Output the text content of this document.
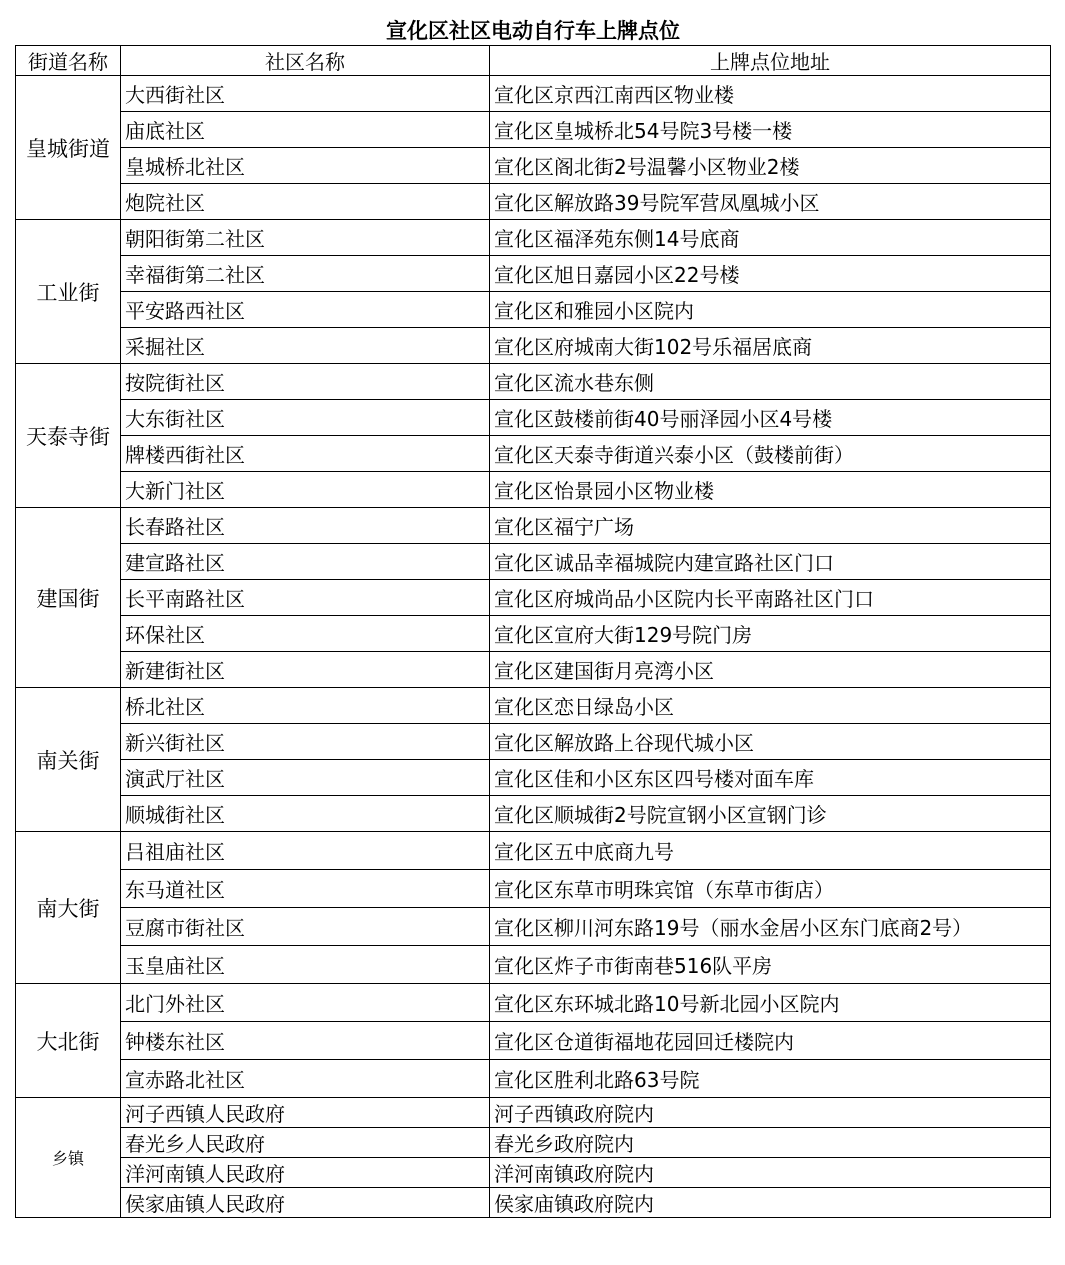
宣化区社区电动自行车上牌点位		
街道名称	社区名称	上牌点位地址
皇城街道	大西街社区	宣化区京西江南西区物业楼
	庙底社区	宣化区皇城桥北54号院3号楼一楼
	皇城桥北社区	宣化区阁北街2号温馨小区物业2楼
	炮院社区	宣化区解放路39号院军营凤凰城小区
工业街	朝阳街第二社区	宣化区福泽苑东侧14号底商
	幸福街第二社区	宣化区旭日嘉园小区22号楼
	平安路西社区	宣化区和雅园小区院内
	采掘社区	宣化区府城南大街102号乐福居底商
天泰寺街	按院街社区	宣化区流水巷东侧
	大东街社区	宣化区鼓楼前街40号丽泽园小区4号楼
	牌楼西街社区	宣化区天泰寺街道兴泰小区（鼓楼前街）
	大新门社区	宣化区怡景园小区物业楼
建国街	长春路社区	宣化区福宁广场
	建宣路社区	宣化区诚品幸福城院内建宣路社区门口
	长平南路社区	宣化区府城尚品小区院内长平南路社区门口
	环保社区	宣化区宣府大街129号院门房
	新建街社区	宣化区建国街月亮湾小区
南关街	桥北社区	宣化区恋日绿岛小区
	新兴街社区	宣化区解放路上谷现代城小区
	演武厅社区	宣化区佳和小区东区四号楼对面车库
	顺城街社区	宣化区顺城街2号院宣钢小区宣钢门诊
南大街	吕祖庙社区	宣化区五中底商九号
	东马道社区	宣化区东草市明珠宾馆（东草市街店）
	豆腐市街社区	宣化区柳川河东路19号（丽水金居小区东门底商2号）
	玉皇庙社区	宣化区炸子市街南巷516队平房
大北街	北门外社区	宣化区东环城北路10号新北园小区院内
	钟楼东社区	宣化区仓道街福地花园回迁楼院内
	宣赤路北社区	宣化区胜利北路63号院
乡镇	河子西镇人民政府	河子西镇政府院内
	春光乡人民政府	春光乡政府院内
	洋河南镇人民政府	洋河南镇政府院内
	侯家庙镇人民政府	侯家庙镇政府院内
